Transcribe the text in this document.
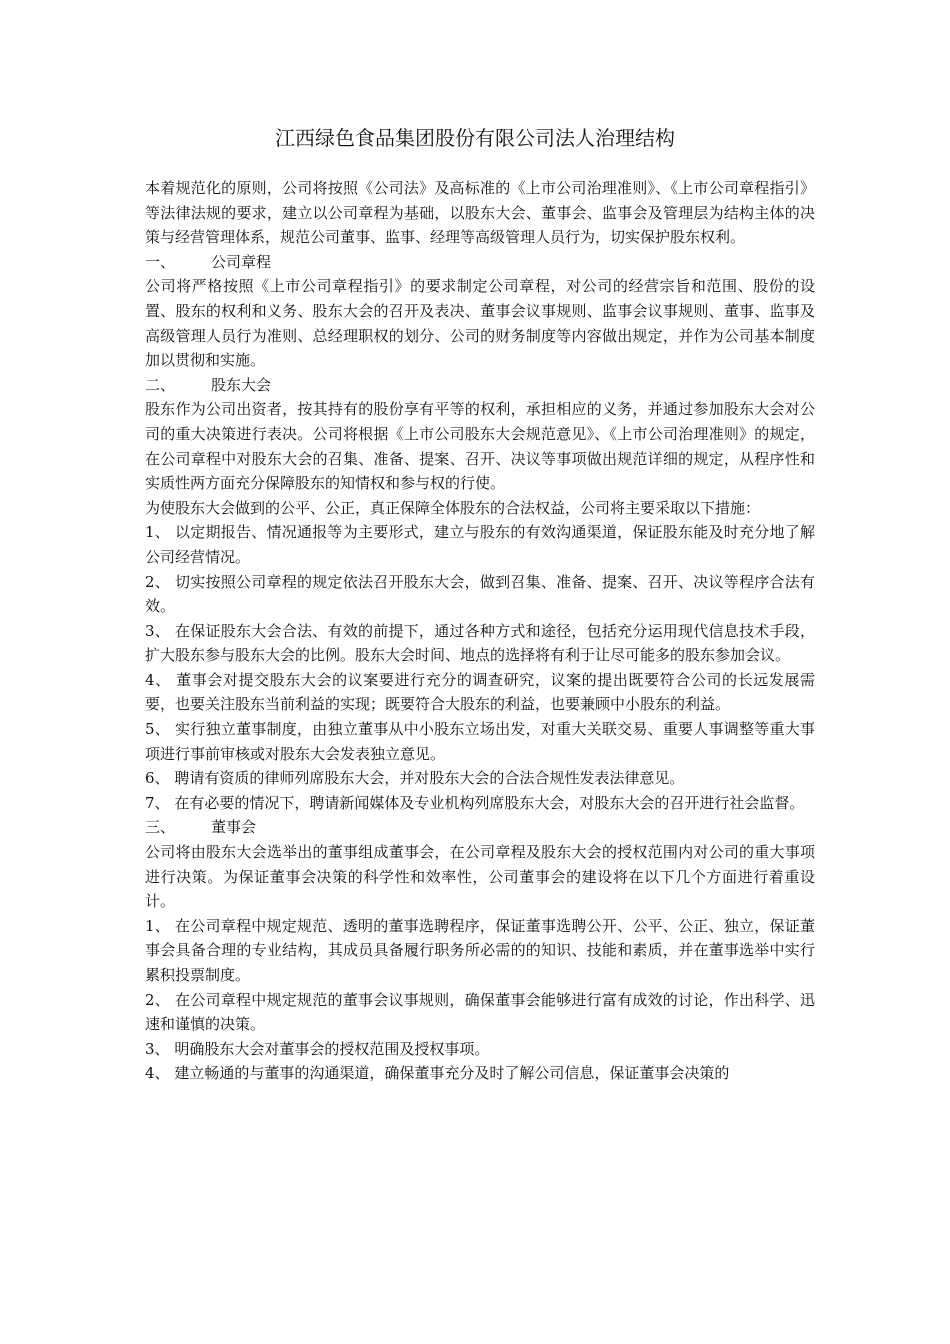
江西绿色食品集团股份有限公司法人治理结构

本着规范化的原则，公司将按照《公司法》及高标准的《上市公司治理准则》、《上市公司章程指引》等法律法规的要求，建立以公司章程为基础，以股东大会、董事会、监事会及管理层为结构主体的决策与经营管理体系，规范公司董事、监事、经理等高级管理人员行为，切实保护股东权利。

一、 公司章程

公司将严格按照《上市公司章程指引》的要求制定公司章程，对公司的经营宗旨和范围、股份的设置、股东的权利和义务、股东大会的召开及表决、董事会议事规则、监事会议事规则、董事、监事及高级管理人员行为准则、总经理职权的划分、公司的财务制度等内容做出规定，并作为公司基本制度加以贯彻和实施。

二、 股东大会

股东作为公司出资者，按其持有的股份享有平等的权利，承担相应的义务，并通过参加股东大会对公司的重大决策进行表决。公司将根据《上市公司股东大会规范意见》、《上市公司治理准则》的规定，在公司章程中对股东大会的召集、准备、提案、召开、决议等事项做出规范详细的规定，从程序性和实质性两方面充分保障股东的知情权和参与权的行使。

为使股东大会做到的公平、公正，真正保障全体股东的合法权益，公司将主要采取以下措施：

1、 以定期报告、情况通报等为主要形式，建立与股东的有效沟通渠道，保证股东能及时充分地了解公司经营情况。

2、 切实按照公司章程的规定依法召开股东大会，做到召集、准备、提案、召开、决议等程序合法有效。

3、 在保证股东大会合法、有效的前提下，通过各种方式和途径，包括充分运用现代信息技术手段，扩大股东参与股东大会的比例。股东大会时间、地点的选择将有利于让尽可能多的股东参加会议。

4、 董事会对提交股东大会的议案要进行充分的调查研究，议案的提出既要符合公司的长远发展需要，也要关注股东当前利益的实现；既要符合大股东的利益，也要兼顾中小股东的利益。

5、 实行独立董事制度，由独立董事从中小股东立场出发，对重大关联交易、重要人事调整等重大事项进行事前审核或对股东大会发表独立意见。

6、 聘请有资质的律师列席股东大会，并对股东大会的合法合规性发表法律意见。

7、 在有必要的情况下，聘请新闻媒体及专业机构列席股东大会，对股东大会的召开进行社会监督。

三、 董事会

公司将由股东大会选举出的董事组成董事会，在公司章程及股东大会的授权范围内对公司的重大事项进行决策。为保证董事会决策的科学性和效率性，公司董事会的建设将在以下几个方面进行着重设计。

1、 在公司章程中规定规范、透明的董事选聘程序，保证董事选聘公开、公平、公正、独立，保证董事会具备合理的专业结构，其成员具备履行职务所必需的的知识、技能和素质，并在董事选举中实行累积投票制度。

2、 在公司章程中规定规范的董事会议事规则，确保董事会能够进行富有成效的讨论，作出科学、迅速和谨慎的决策。

3、 明确股东大会对董事会的授权范围及授权事项。

4、 建立畅通的与董事的沟通渠道，确保董事充分及时了解公司信息，保证董事会决策的
